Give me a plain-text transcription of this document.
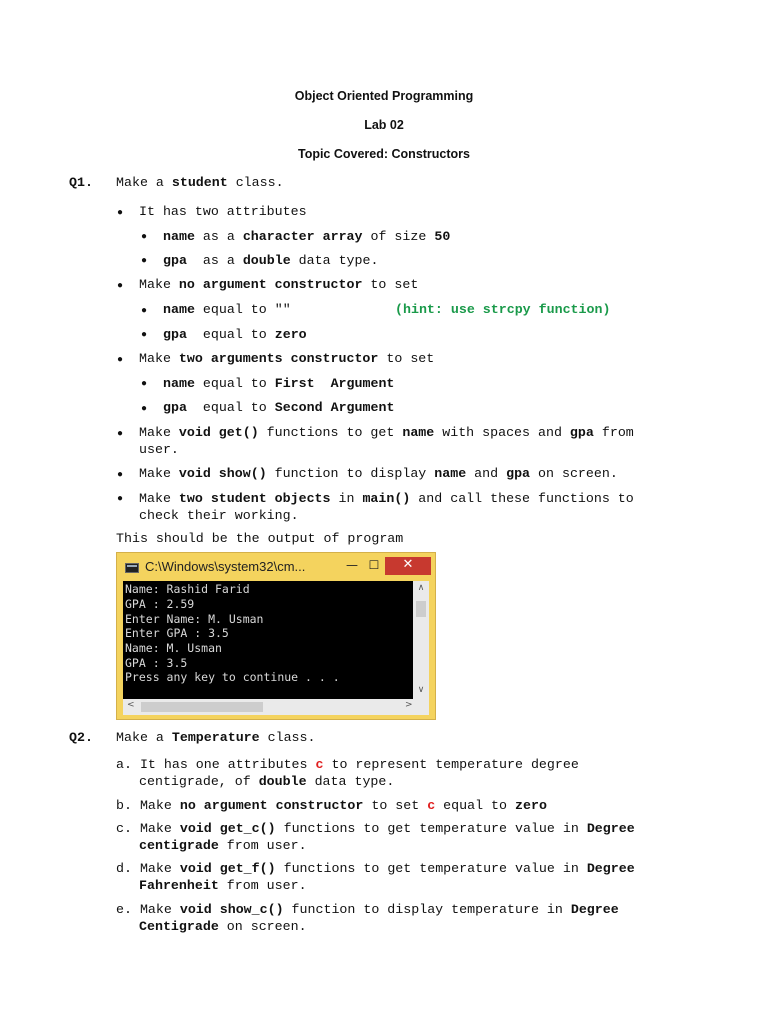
Object Oriented Programming
Lab 02
Topic Covered: Constructors
Q1. Make a student class.
● It has two attributes
● name as a character array of size 50
● gpa  as a double data type.
● Make no argument constructor to set
● name equal to ""	(hint: use strcpy function)
● gpa  equal to zero
● Make two arguments constructor to set
● name equal to First  Argument
● gpa  equal to Second Argument
● Make void get() functions to get name with spaces and gpa from
user.
● Make void show() function to display name and gpa on screen.
● Make two student objects in main() and call these functions to
check their working.
This should be the output of program
C:\Windows\system32\cm...	— ☐	✕
Name: Rashid Farid
GPA : 2.59
Enter Name: M. Usman
Enter GPA : 3.5
Name: M. Usman
GPA : 3.5
Press any key to continue . . .
∧
∨
<	>
Q2. Make a Temperature class.
a. It has one attributes c to represent temperature degree
centigrade, of double data type.
b. Make no argument constructor to set c equal to zero
c. Make void get_c() functions to get temperature value in Degree
centigrade from user.
d. Make void get_f() functions to get temperature value in Degree
Fahrenheit from user.
e. Make void show_c() function to display temperature in Degree
Centigrade on screen.
